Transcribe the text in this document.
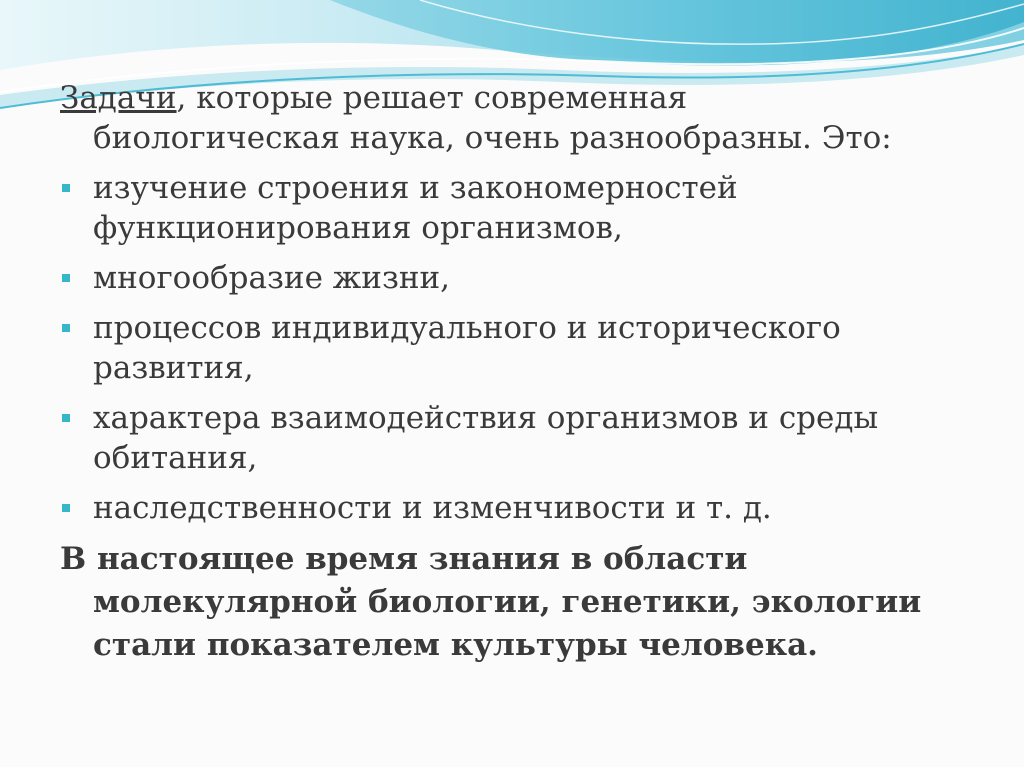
Задачи, которые решает современная
биологическая наука, очень разнообразны. Это:

изучение строения и закономерностей
функционирования организмов,
многообразие жизни,
процессов индивидуального и исторического
развития,
характера взаимодействия организмов и среды
обитания,
наследственности и изменчивости и т. д.

В настоящее время знания в области
молекулярной биологии, генетики, экологии
стали показателем культуры человека.
